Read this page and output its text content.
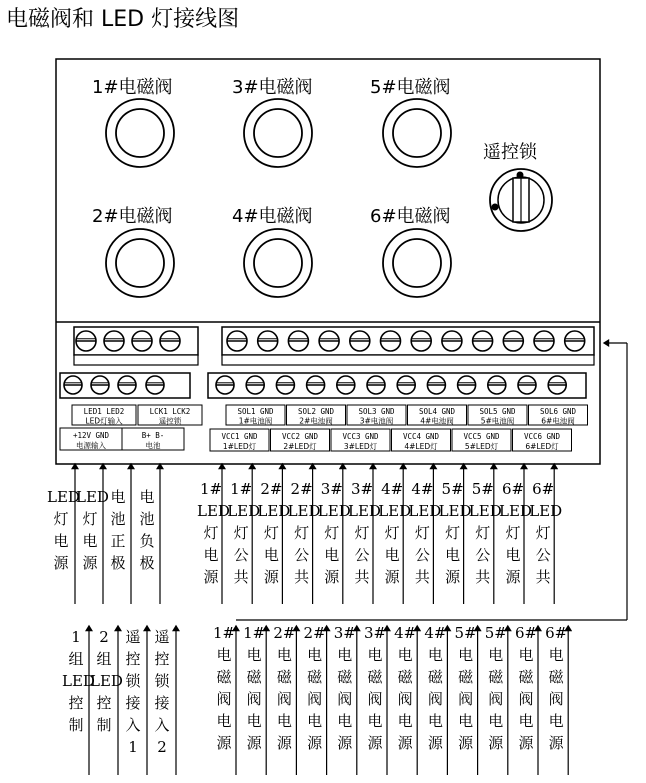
电磁阀和 LED 灯接线图
1#电磁阀	3#电磁阀	5#电磁阀
2#电磁阀	4#电磁阀	6#电磁阀
遥控锁
LED1 LED2
LED灯输入
LCK1 LCK2
遥控锁
+12V GND
电源输入
B+ B-
电池
SOL1 GND
1#电池阀
SOL2 GND
2#电池阀
SOL3 GND
3#电池阀
SOL4 GND
4#电池阀
SOL5 GND
5#电池阀
SOL6 GND
6#电池阀
VCC1 GND
1#LED灯
VCC2 GND
2#LED灯
VCC3 GND
3#LED灯
VCC4 GND
4#LED灯
VCC5 GND
5#LED灯
VCC6 GND
6#LED灯
LED
灯
电
源
LED
灯
电
源
电
池
正
极
电
池
负
极
1#
LED
灯
电
源
1#
LED
灯
公
共
2#
LED
灯
电
源
2#
LED
灯
公
共
3#
LED
灯
电
源
3#
LED
灯
公
共
4#
LED
灯
电
源
4#
LED
灯
公
共
5#
LED
灯
电
源
5#
LED
灯
公
共
6#
LED
灯
电
源
6#
LED
灯
公
共
1
组
LED
控
制
2
组
LED
控
制
遥
控
锁
接
入
1
遥
控
锁
接
入
2
1#
电
磁
阀
电
源
1#
电
磁
阀
电
源
2#
电
磁
阀
电
源
2#
电
磁
阀
电
源
3#
电
磁
阀
电
源
3#
电
磁
阀
电
源
4#
电
磁
阀
电
源
4#
电
磁
阀
电
源
5#
电
磁
阀
电
源
5#
电
磁
阀
电
源
6#
电
磁
阀
电
源
6#
电
磁
阀
电
源
